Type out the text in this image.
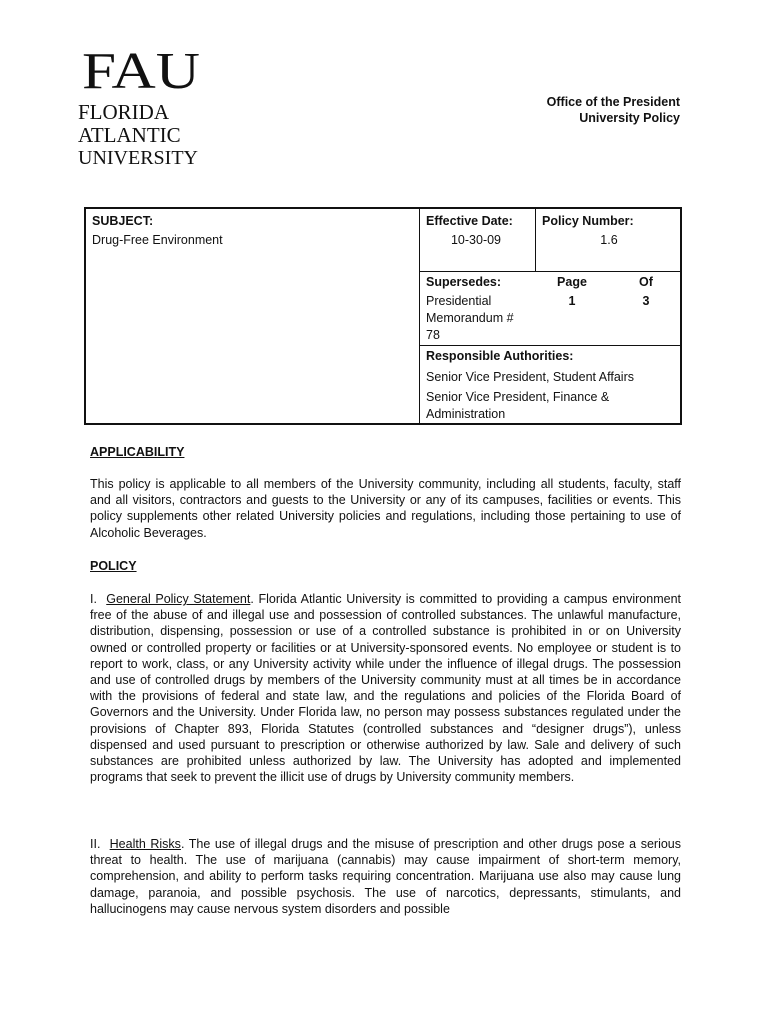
FAU
FLORIDA
ATLANTIC
UNIVERSITY
Office of the President
University Policy
SUBJECT:
Drug-Free Environment
Effective Date:
10-30-09
Policy Number:
1.6
Supersedes:
Presidential Memorandum # 78
Page
1
Of
3
Responsible Authorities:
Senior Vice President, Student Affairs
Senior Vice President, Finance & Administration
APPLICABILITY
This policy is applicable to all members of the University community, including all students, faculty, staff and all visitors, contractors and guests to the University or any of its campuses, facilities or events. This policy supplements other related University policies and regulations, including those pertaining to use of Alcoholic Beverages.
POLICY
I. General Policy Statement. Florida Atlantic University is committed to providing a campus environment free of the abuse of and illegal use and possession of controlled substances. The unlawful manufacture, distribution, dispensing, possession or use of a controlled substance is prohibited in or on University owned or controlled property or facilities or at University-sponsored events. No employee or student is to report to work, class, or any University activity while under the influence of illegal drugs. The possession and use of controlled drugs by members of the University community must at all times be in accordance with the provisions of federal and state law, and the regulations and policies of the Florida Board of Governors and the University. Under Florida law, no person may possess substances regulated under the provisions of Chapter 893, Florida Statutes (controlled substances and “designer drugs”), unless dispensed and used pursuant to prescription or otherwise authorized by law. Sale and delivery of such substances are prohibited unless authorized by law. The University has adopted and implemented programs that seek to prevent the illicit use of drugs by University community members.
II. Health Risks. The use of illegal drugs and the misuse of prescription and other drugs pose a serious threat to health. The use of marijuana (cannabis) may cause impairment of short-term memory, comprehension, and ability to perform tasks requiring concentration. Marijuana use also may cause lung damage, paranoia, and possible psychosis. The use of narcotics, depressants, stimulants, and hallucinogens may cause nervous system disorders and possible
